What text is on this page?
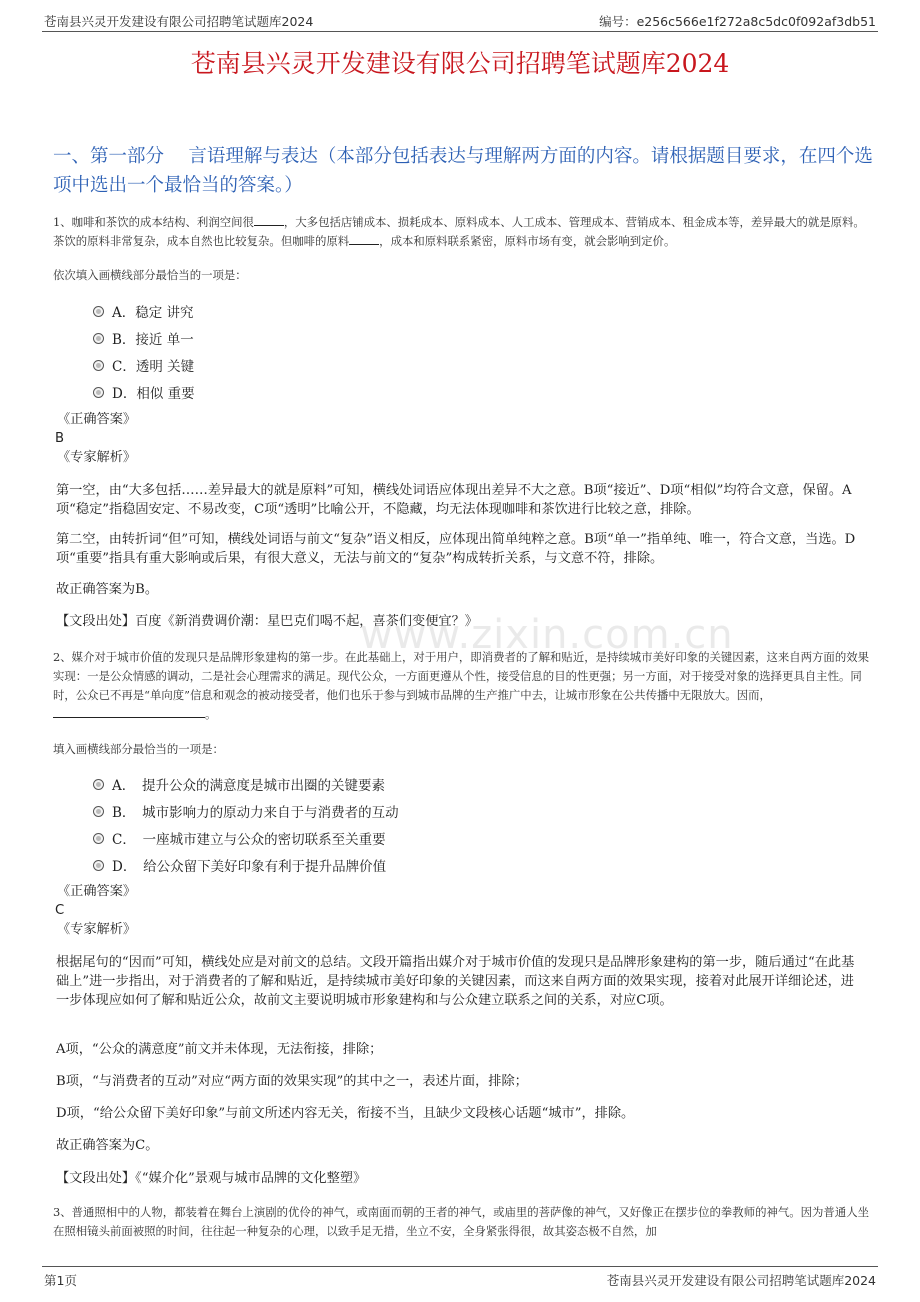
苍南县兴灵开发建设有限公司招聘笔试题库2024	编号：e256c566e1f272a8c5dc0f092af3db51
苍南县兴灵开发建设有限公司招聘笔试题库2024
一、第一部分　 言语理解与表达（本部分包括表达与理解两方面的内容。请根据题目要求，在四个选项中选出一个最恰当的答案。）
1、咖啡和茶饮的成本结构、利润空间很	，大多包括店铺成本、损耗成本、原料成本、人工成本、管理成本、营销成本、租金成本等，差异最大的就是原料。茶饮的原料非常复杂，成本自然也比较复杂。但咖啡的原料	，成本和原料联系紧密，原料市场有变，就会影响到定价。
依次填入画横线部分最恰当的一项是：
A．稳定 讲究
B．接近 单一
C．透明 关键
D．相似 重要
《正确答案》
B
《专家解析》
第一空，由“大多包括……差异最大的就是原料”可知，横线处词语应体现出差异不大之意。B项“接近”、D项“相似”均符合文意，保留。A项“稳定”指稳固安定、不易改变，C项“透明”比喻公开，不隐藏，均无法体现咖啡和茶饮进行比较之意，排除。
第二空，由转折词“但”可知，横线处词语与前文“复杂”语义相反，应体现出简单纯粹之意。B项“单一”指单纯、唯一，符合文意，当选。D项“重要”指具有重大影响或后果，有很大意义，无法与前文的“复杂”构成转折关系，与文意不符，排除。
故正确答案为B。
【文段出处】百度《新消费调价潮：星巴克们喝不起，喜茶们变便宜？》
www.zixin.com.cn
2、媒介对于城市价值的发现只是品牌形象建构的第一步。在此基础上，对于用户，即消费者的了解和贴近，是持续城市美好印象的关键因素，这来自两方面的效果实现：一是公众情感的调动，二是社会心理需求的满足。现代公众，一方面更遵从个性，接受信息的目的性更强；另一方面，对于接受对象的选择更具自主性。同时，公众已不再是“单向度”信息和观念的被动接受者，他们也乐于参与到城市品牌的生产推广中去，让城市形象在公共传播中无限放大。因而，。
填入画横线部分最恰当的一项是：
A．　提升公众的满意度是城市出圈的关键要素
B．　城市影响力的原动力来自于与消费者的互动
C．　一座城市建立与公众的密切联系至关重要
D．　给公众留下美好印象有利于提升品牌价值
《正确答案》
C
《专家解析》
根据尾句的“因而”可知，横线处应是对前文的总结。文段开篇指出媒介对于城市价值的发现只是品牌形象建构的第一步，随后通过“在此基础上”进一步指出，对于消费者的了解和贴近，是持续城市美好印象的关键因素，而这来自两方面的效果实现，接着对此展开详细论述，进一步体现应如何了解和贴近公众，故前文主要说明城市形象建构和与公众建立联系之间的关系，对应C项。
A项，“公众的满意度”前文并未体现，无法衔接，排除；
B项，“与消费者的互动”对应“两方面的效果实现”的其中之一，表述片面，排除；
D项，“给公众留下美好印象”与前文所述内容无关，衔接不当，且缺少文段核心话题“城市”，排除。
故正确答案为C。
【文段出处】《“媒介化”景观与城市品牌的文化整塑》
3、普通照相中的人物，都装着在舞台上演剧的优伶的神气，或南面而朝的王者的神气，或庙里的菩萨像的神气，又好像正在摆步位的拳教师的神气。因为普通人坐在照相镜头前面被照的时间，往往起一种复杂的心理，以致手足无措，坐立不安，全身紧张得很，故其姿态极不自然，加
第1页	苍南县兴灵开发建设有限公司招聘笔试题库2024
